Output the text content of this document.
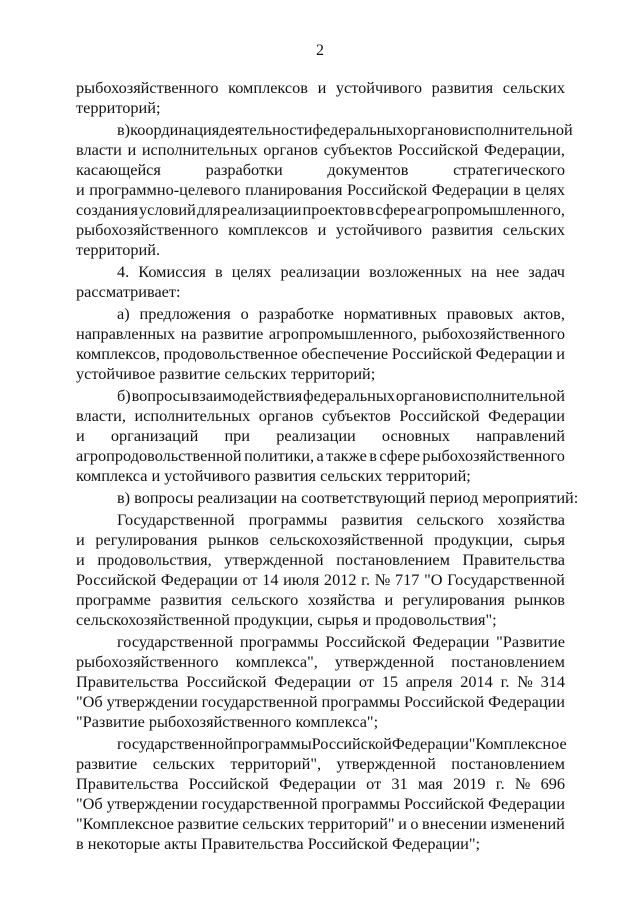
2
рыбохозяйственного комплексов и устойчивого развития сельских
территорий;
в) координация деятельности федеральных органов исполнительной
власти и исполнительных органов субъектов Российской Федерации,
касающейся	разработки	документов	стратегического
и программно-целевого планирования Российской Федерации в целях
создания условий для реализации проектов в сфере агропромышленного,
рыбохозяйственного комплексов и устойчивого развития сельских
территорий.
4. Комиссия в целях реализации возложенных на нее задач
рассматривает:
а) предложения о разработке нормативных правовых актов,
направленных на развитие агропромышленного, рыбохозяйственного
комплексов, продовольственное обеспечение Российской Федерации и
устойчивое развитие сельских территорий;
б) вопросы взаимодействия федеральных органов исполнительной
власти, исполнительных органов субъектов Российской Федерации
и организаций при реализации основных направлений
агропродовольственной политики, а также в сфере рыбохозяйственного
комплекса и устойчивого развития сельских территорий;
в) вопросы реализации на соответствующий период мероприятий:
Государственной программы развития сельского хозяйства
и регулирования рынков сельскохозяйственной продукции, сырья
и продовольствия, утвержденной постановлением Правительства
Российской Федерации от 14 июля 2012 г. № 717 "О Государственной
программе развития сельского хозяйства и регулирования рынков
сельскохозяйственной продукции, сырья и продовольствия";
государственной программы Российской Федерации "Развитие
рыбохозяйственного комплекса", утвержденной постановлением
Правительства Российской Федерации от 15 апреля 2014 г. № 314
"Об утверждении государственной программы Российской Федерации
"Развитие рыбохозяйственного комплекса";
государственной программы Российской Федерации "Комплексное
развитие сельских территорий", утвержденной постановлением
Правительства Российской Федерации от 31 мая 2019 г. № 696
"Об утверждении государственной программы Российской Федерации
"Комплексное развитие сельских территорий" и о внесении изменений
в некоторые акты Правительства Российской Федерации";
